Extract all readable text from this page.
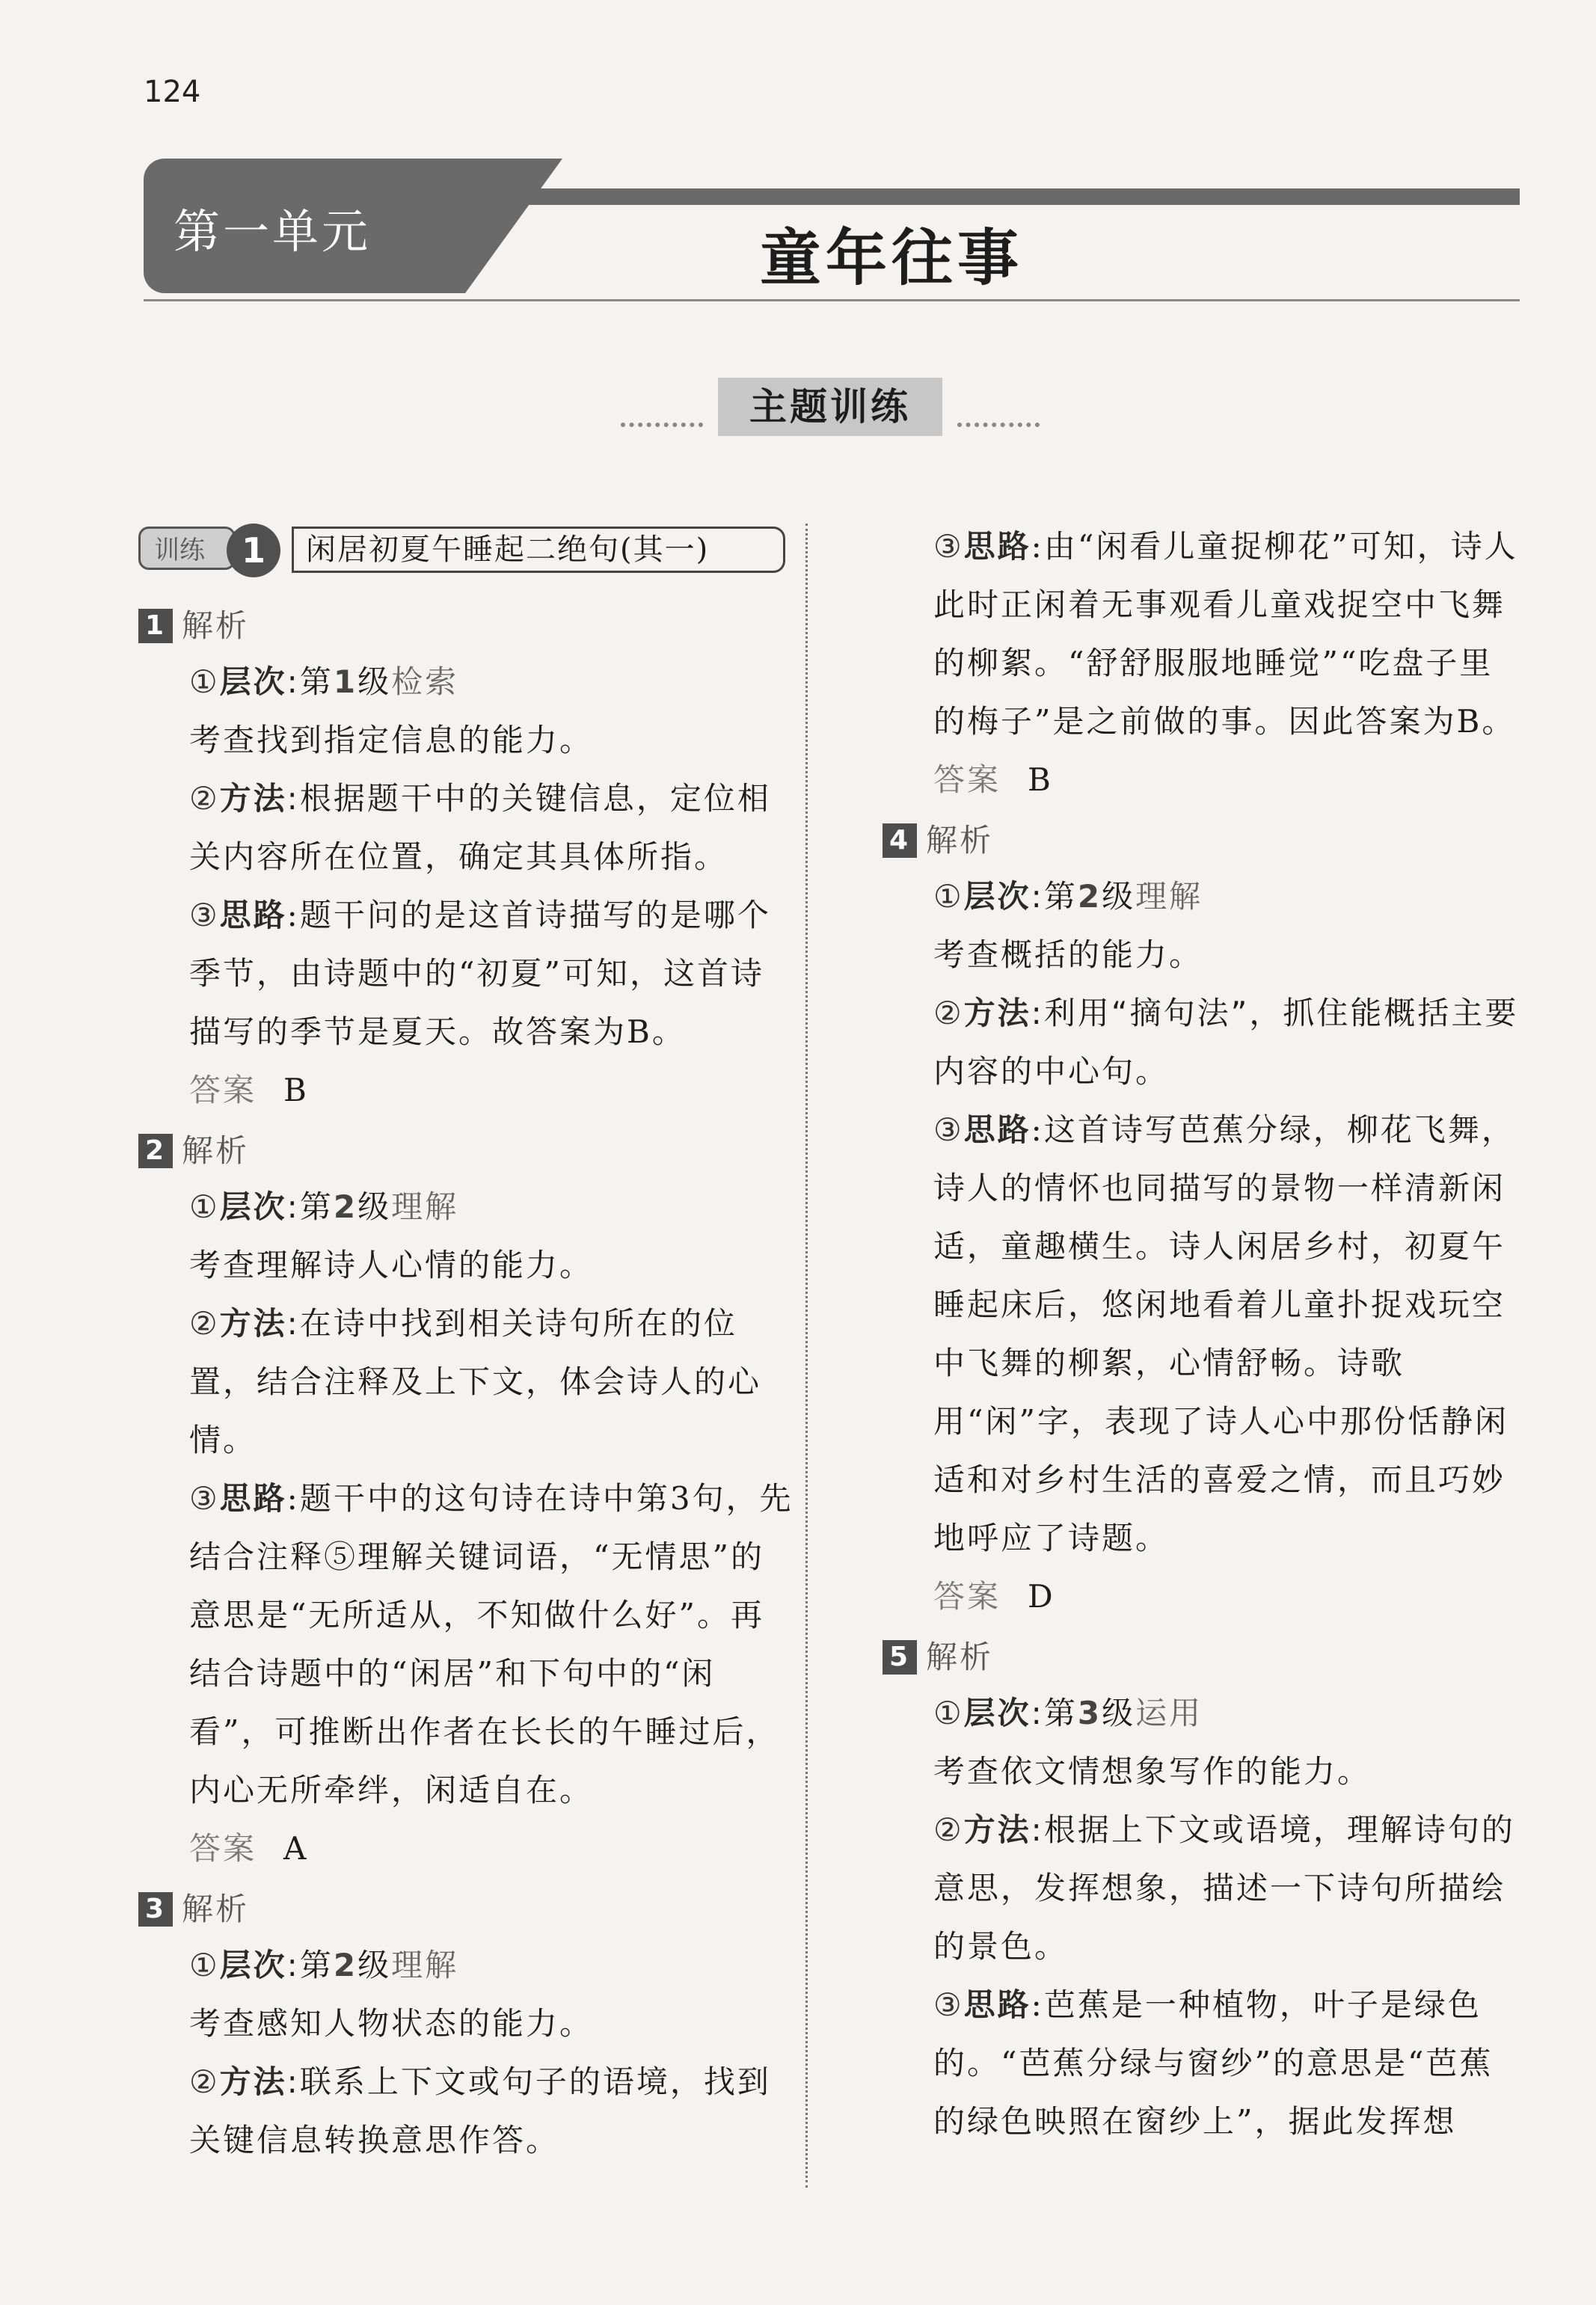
124
第一单元	童年往事
主题训练
训练	1	闲居初夏午睡起二绝句(其一)
1 解析

①层次:第1级检索

考查找到指定信息的能力。

②方法:根据题干中的关键信息，定位相关内容所在位置，确定其具体所指。

③思路:题干问的是这首诗描写的是哪个季节，由诗题中的“初夏”可知，这首诗描写的季节是夏天。故答案为B。

答案 B

2 解析

①层次:第2级理解

考查理解诗人心情的能力。

②方法:在诗中找到相关诗句所在的位置，结合注释及上下文，体会诗人的心情。

③思路:题干中的这句诗在诗中第3句，先结合注释⑤理解关键词语，“无情思”的意思是“无所适从，不知做什么好”。再结合诗题中的“闲居”和下句中的“闲看”，可推断出作者在长长的午睡过后，内心无所牵绊，闲适自在。

答案 A

3 解析

①层次:第2级理解

考查感知人物状态的能力。

②方法:联系上下文或句子的语境，找到关键信息转换意思作答。

③思路:由“闲看儿童捉柳花”可知，诗人此时正闲着无事观看儿童戏捉空中飞舞的柳絮。“舒舒服服地睡觉”“吃盘子里的梅子”是之前做的事。因此答案为B。

答案 B

4 解析

①层次:第2级理解

考查概括的能力。

②方法:利用“摘句法”，抓住能概括主要内容的中心句。

③思路:这首诗写芭蕉分绿，柳花飞舞，诗人的情怀也同描写的景物一样清新闲适，童趣横生。诗人闲居乡村，初夏午睡起床后，悠闲地看着儿童扑捉戏玩空中飞舞的柳絮，心情舒畅。诗歌用“闲”字，表现了诗人心中那份恬静闲适和对乡村生活的喜爱之情，而且巧妙地呼应了诗题。

答案 D

5 解析

①层次:第3级运用

考查依文情想象写作的能力。

②方法:根据上下文或语境，理解诗句的意思，发挥想象，描述一下诗句所描绘的景色。

③思路:芭蕉是一种植物，叶子是绿色的。“芭蕉分绿与窗纱”的意思是“芭蕉的绿色映照在窗纱上”，据此发挥想
